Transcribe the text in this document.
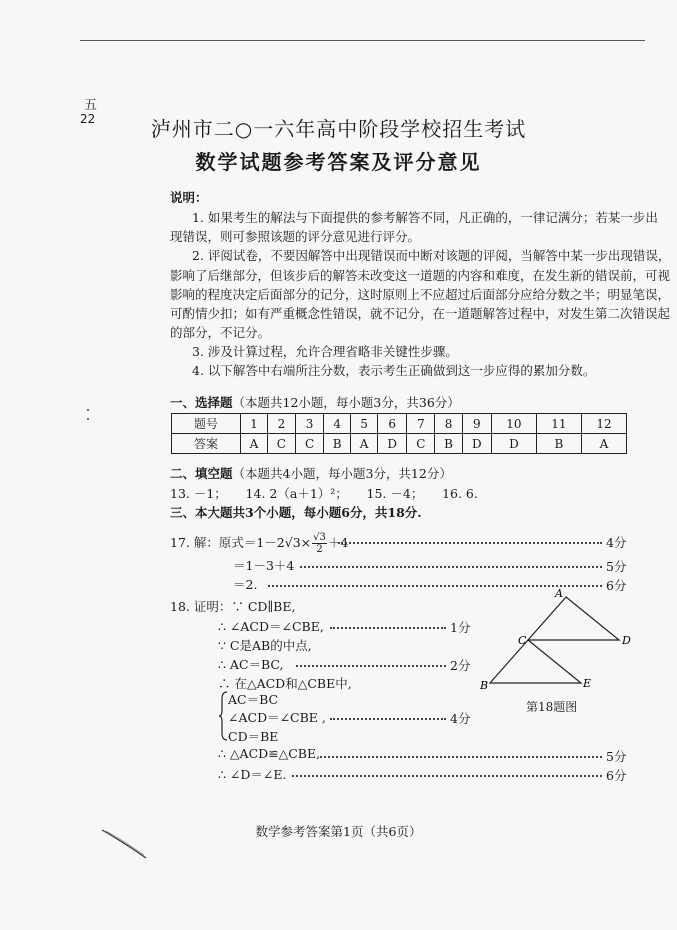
五
22	泸州市二○一六年高中阶段学校招生考试
数学试题参考答案及评分意见
说明：
1. 如果考生的解法与下面提供的参考解答不同，凡正确的，一律记满分；若某一步出
现错误，则可参照该题的评分意见进行评分。
2. 评阅试卷，不要因解答中出现错误而中断对该题的评阅，当解答中某一步出现错误，
影响了后继部分，但该步后的解答未改变这一道题的内容和难度，在发生新的错误前，可视
影响的程度决定后面部分的记分，这时原则上不应超过后面部分应给分数之半；明显笔误，
可酌情少扣；如有严重概念性错误，就不记分，在一道题解答过程中，对发生第二次错误起
的部分，不记分。
3. 涉及计算过程，允许合理省略非关键性步骤。
4. 以下解答中右端所注分数，表示考生正确做到这一步应得的累加分数。
一、选择题（本题共12小题，每小题3分，共36分）
题号	1	2	3	4	5	6	7	8	9	10	11	12
答案	A	C	C	B	A	D	C	B	D	D	B	A
二、填空题（本题共4小题，每小题3分，共12分）
13. －1；　　14. 2（a＋1）²；　　15. －4；　　16. 6.
三、本大题共3个小题，每小题6分，共18分.
17. 解：原式$=1-2√3\times \frac{√3}{2} +4$	4分
＝1－3＋4	5分
＝2.	6分
18. 证明：∵ CD∥BE,
∴ ∠ACD＝∠CBE,	1分
∵ C是AB的中点,
∴ AC＝BC,	2分
∴ 在△ACD和△CBE中,
AC＝BC
∠ACD＝∠CBE ,	4分
CD＝BE
∴ △ACD≌△CBE,	5分
∴ ∠D＝∠E.	6分
A
C	D
B	E
第18题图
数学参考答案第1页（共6页）
